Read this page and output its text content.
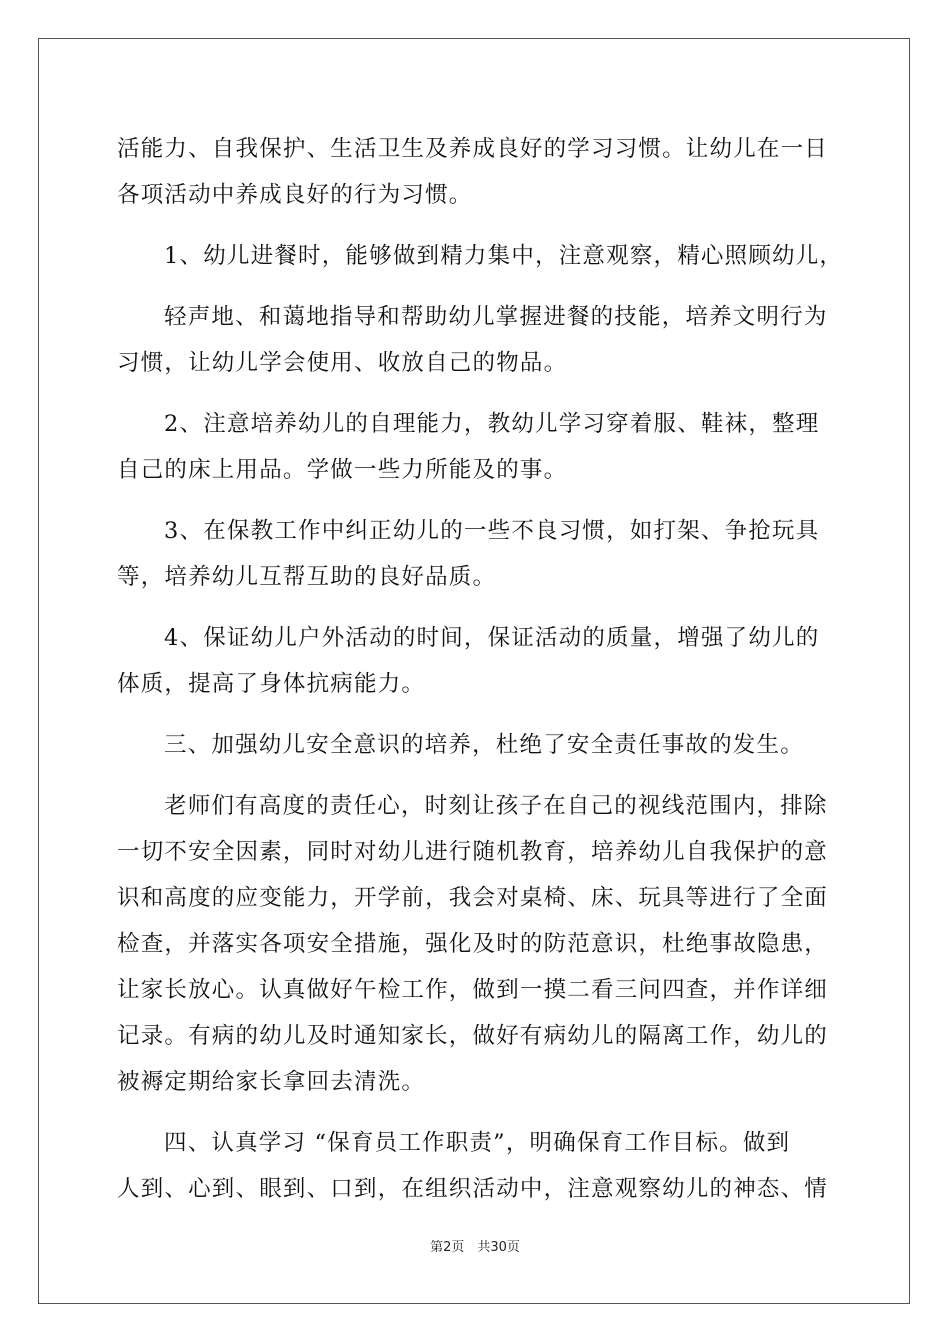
活能力、自我保护、生活卫生及养成良好的学习习惯。让幼儿在一日
各项活动中养成良好的行为习惯。
1、幼儿进餐时，能够做到精力集中，注意观察，精心照顾幼儿，
轻声地、和蔼地指导和帮助幼儿掌握进餐的技能，培养文明行为
习惯，让幼儿学会使用、收放自己的物品。
2、注意培养幼儿的自理能力，教幼儿学习穿着服、鞋袜，整理
自己的床上用品。学做一些力所能及的事。
3、在保教工作中纠正幼儿的一些不良习惯，如打架、争抢玩具
等，培养幼儿互帮互助的良好品质。
4、保证幼儿户外活动的时间，保证活动的质量，增强了幼儿的
体质，提高了身体抗病能力。
三、加强幼儿安全意识的培养，杜绝了安全责任事故的发生。
老师们有高度的责任心，时刻让孩子在自己的视线范围内，排除
一切不安全因素，同时对幼儿进行随机教育，培养幼儿自我保护的意
识和高度的应变能力，开学前，我会对桌椅、床、玩具等进行了全面
检查，并落实各项安全措施，强化及时的防范意识，杜绝事故隐患，
让家长放心。认真做好午检工作，做到一摸二看三问四查，并作详细
记录。有病的幼儿及时通知家长，做好有病幼儿的隔离工作，幼儿的
被褥定期给家长拿回去清洗。
四、认真学习 “保育员工作职责”，明确保育工作目标。做到
人到、心到、眼到、口到，在组织活动中，注意观察幼儿的神态、情
第2页　共30页
